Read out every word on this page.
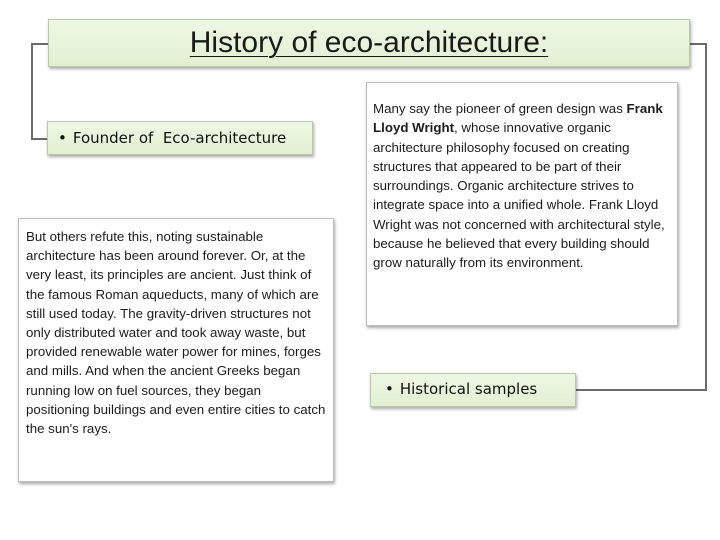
History of eco-architecture:
• Founder of  Eco-architecture
But others refute this, noting sustainable architecture has been around forever. Or, at the very least, its principles are ancient. Just think of the famous Roman aqueducts, many of which are still used today. The gravity-driven structures not only distributed water and took away waste, but provided renewable water power for mines, forges and mills. And when the ancient Greeks began running low on fuel sources, they began positioning buildings and even entire cities to catch the sun's rays.
Many say the pioneer of green design was Frank Lloyd Wright, whose innovative organic architecture philosophy focused on creating structures that appeared to be part of their surroundings. Organic architecture strives to integrate space into a unified whole. Frank Lloyd Wright was not concerned with architectural style, because he believed that every building should grow naturally from its environment.
• Historical samples
